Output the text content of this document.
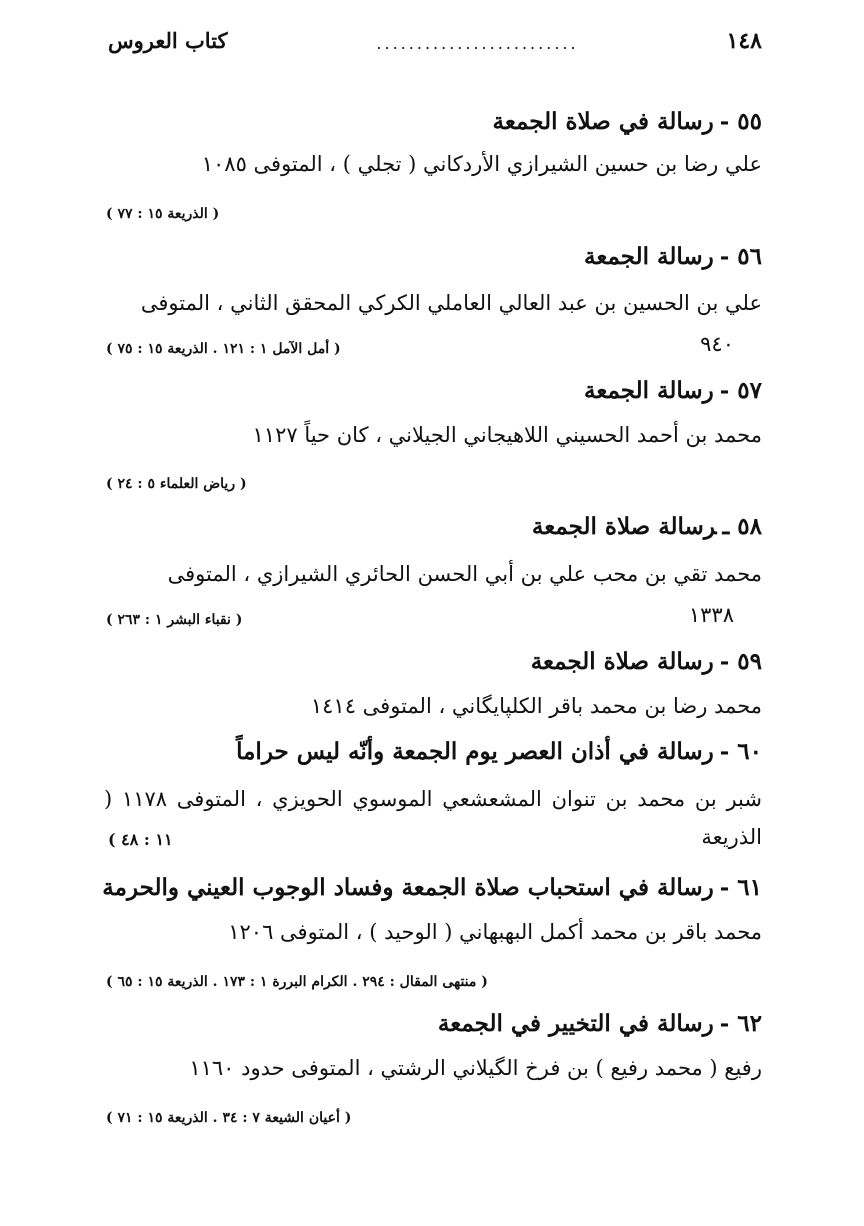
١٤٨
.........................
كتاب العروس
٥٥ -رسالة في صلاة الجمعة
علي رضا بن حسين الشيرازي الأردكاني ( تجلي ) ، المتوفى ١٠٨٥
( الذريعة ١٥ : ٧٧ )
٥٦ -رسالة الجمعة
علي بن الحسين بن عبد العالي العاملي الكركي المحقق الثاني ، المتوفى
٩٤٠
( أمل الآمل ١ : ١٢١ . الذريعة ١٥ : ٧٥ )
٥٧ -رسالة الجمعة
محمد بن أحمد الحسيني اللاهيجاني الجيلاني ، كان حياً ١١٢٧
( رياض العلماء ٥ : ٢٤ )
٥٨ ـرسالة صلاة الجمعة
محمد تقي بن محب علي بن أبي الحسن الحائري الشيرازي ، المتوفى
١٣٣٨
( نقباء البشر ١ : ٢٦٣ )
٥٩ -رسالة صلاة الجمعة
محمد رضا بن محمد باقر الكلپايگاني ، المتوفى ١٤١٤
٦٠ -رسالة في أذان العصر يوم الجمعة وأنّه ليس حراماً
شبر بن محمد بن تنوان المشعشعي الموسوي الحويزي ، المتوفى ١١٧٨ ( الذريعة
١١ : ٤٨ )
٦١ -رسالة في استحباب صلاة الجمعة وفساد الوجوب العيني والحرمة
محمد باقر بن محمد أكمل البهبهاني ( الوحيد ) ، المتوفى ١٢٠٦
( منتهى المقال : ٢٩٤ . الكرام البررة ١ : ١٧٣ . الذريعة ١٥ : ٦٥ )
٦٢ -رسالة في التخيير في الجمعة
رفيع ( محمد رفيع ) بن فرخ الگيلاني الرشتي ، المتوفى حدود ١١٦٠
( أعيان الشيعة ٧ : ٣٤ . الذريعة ١٥ : ٧١ )
